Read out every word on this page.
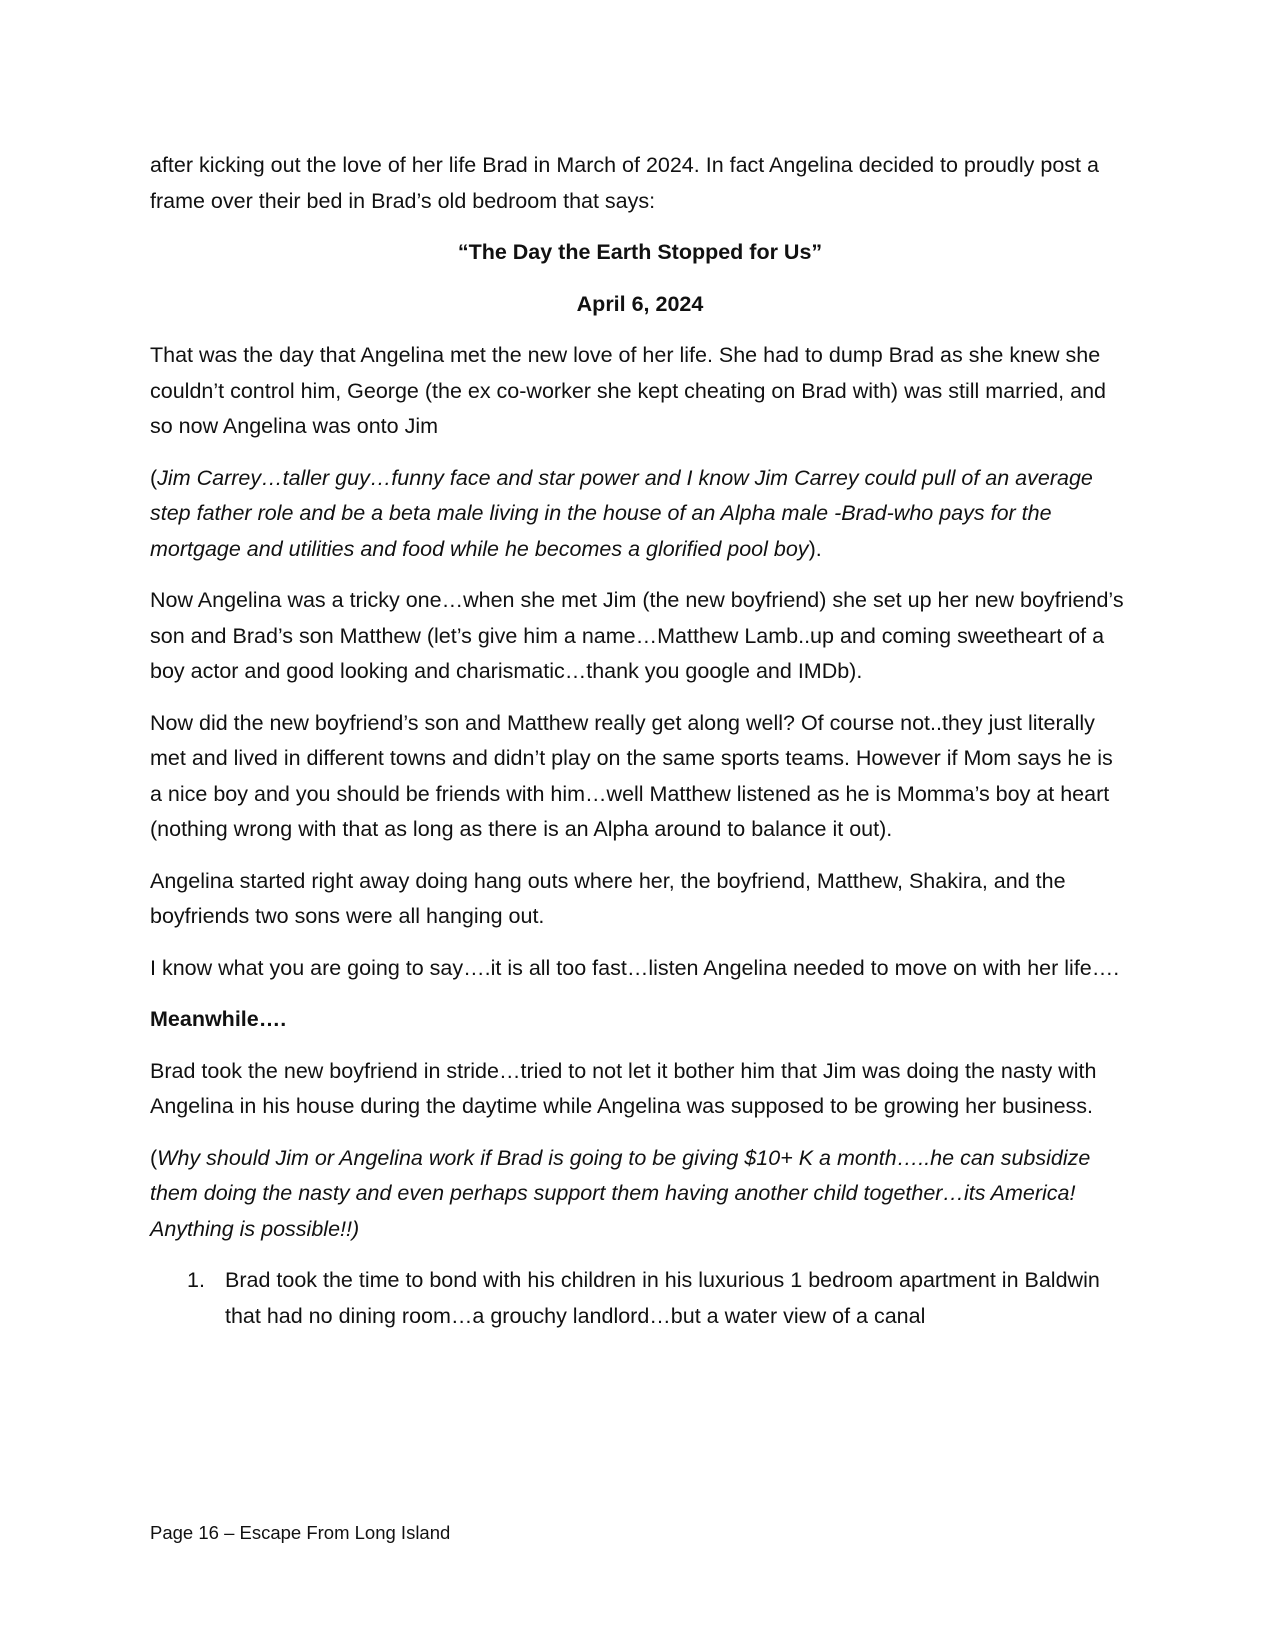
after kicking out the love of her life Brad in March of 2024. In fact Angelina decided to proudly post a frame over their bed in Brad’s old bedroom that says:

“The Day the Earth Stopped for Us”

April 6, 2024

That was the day that Angelina met the new love of her life. She had to dump Brad as she knew she couldn’t control him, George (the ex co-worker she kept cheating on Brad with) was still married, and so now Angelina was onto Jim

(Jim Carrey…taller guy…funny face and star power and I know Jim Carrey could pull of an average step father role and be a beta male living in the house of an Alpha male -Brad-who pays for the mortgage and utilities and food while he becomes a glorified pool boy).

Now Angelina was a tricky one…when she met Jim (the new boyfriend) she set up her new boyfriend’s son and Brad’s son Matthew (let’s give him a name…Matthew Lamb..up and coming sweetheart of a boy actor and good looking and charismatic…thank you google and IMDb).

Now did the new boyfriend’s son and Matthew really get along well? Of course not..they just literally met and lived in different towns and didn’t play on the same sports teams. However if Mom says he is a nice boy and you should be friends with him…well Matthew listened as he is Momma’s boy at heart (nothing wrong with that as long as there is an Alpha around to balance it out).

Angelina started right away doing hang outs where her, the boyfriend, Matthew, Shakira, and the boyfriends two sons were all hanging out.

I know what you are going to say….it is all too fast…listen Angelina needed to move on with her life….

Meanwhile….

Brad took the new boyfriend in stride…tried to not let it bother him that Jim was doing the nasty with Angelina in his house during the daytime while Angelina was supposed to be growing her business.

(Why should Jim or Angelina work if Brad is going to be giving $10+ K a month…..he can subsidize them doing the nasty and even perhaps support them having another child together…its America! Anything is possible!!)

1. Brad took the time to bond with his children in his luxurious 1 bedroom apartment in Baldwin that had no dining room…a grouchy landlord…but a water view of a canal
Page 16 – Escape From Long Island
